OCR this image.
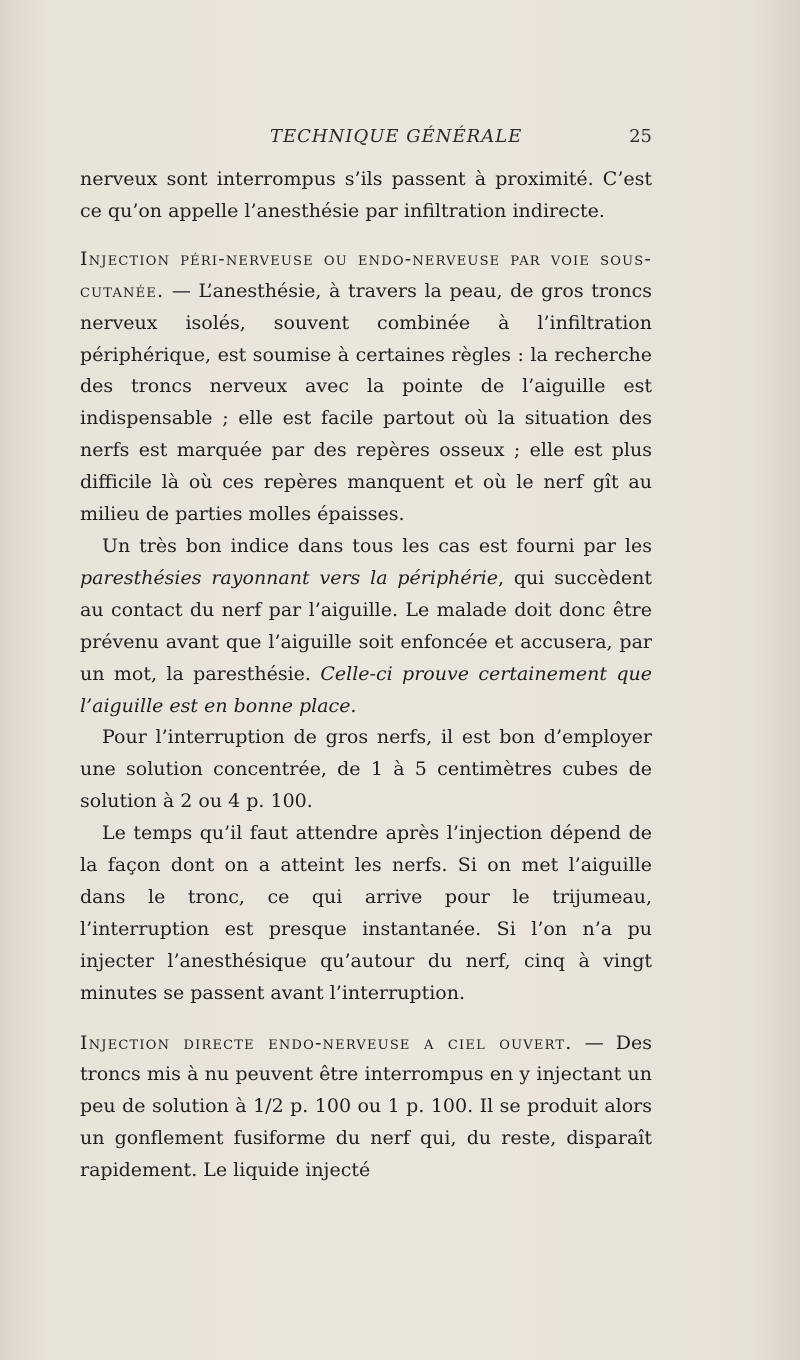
TECHNIQUE GÉNÉRALE	25

nerveux sont interrompus s’ils passent à proximité. C’est ce qu’on appelle l’anesthésie par infiltration indirecte.

Injection péri-nerveuse ou endo-nerveuse par voie sous-cutanée. — L’anesthésie, à travers la peau, de gros troncs nerveux isolés, souvent combinée à l’infiltration périphérique, est soumise à certaines règles : la recherche des troncs nerveux avec la pointe de l’aiguille est indispensable ; elle est facile partout où la situation des nerfs est marquée par des repères osseux ; elle est plus difficile là où ces repères manquent et où le nerf gît au milieu de parties molles épaisses.

Un très bon indice dans tous les cas est fourni par les paresthésies rayonnant vers la périphérie, qui succèdent au contact du nerf par l’aiguille. Le malade doit donc être prévenu avant que l’aiguille soit enfoncée et accusera, par un mot, la paresthésie. Celle-ci prouve certainement que l’aiguille est en bonne place.

Pour l’interruption de gros nerfs, il est bon d’employer une solution concentrée, de 1 à 5 centimètres cubes de solution à 2 ou 4 p. 100.

Le temps qu’il faut attendre après l’injection dépend de la façon dont on a atteint les nerfs. Si on met l’aiguille dans le tronc, ce qui arrive pour le trijumeau, l’interruption est presque instantanée. Si l’on n’a pu injecter l’anesthésique qu’autour du nerf, cinq à vingt minutes se passent avant l’interruption.

Injection directe endo-nerveuse a ciel ouvert. — Des troncs mis à nu peuvent être interrompus en y injectant un peu de solution à 1/2 p. 100 ou 1 p. 100. Il se produit alors un gonflement fusiforme du nerf qui, du reste, disparaît rapidement. Le liquide injecté
